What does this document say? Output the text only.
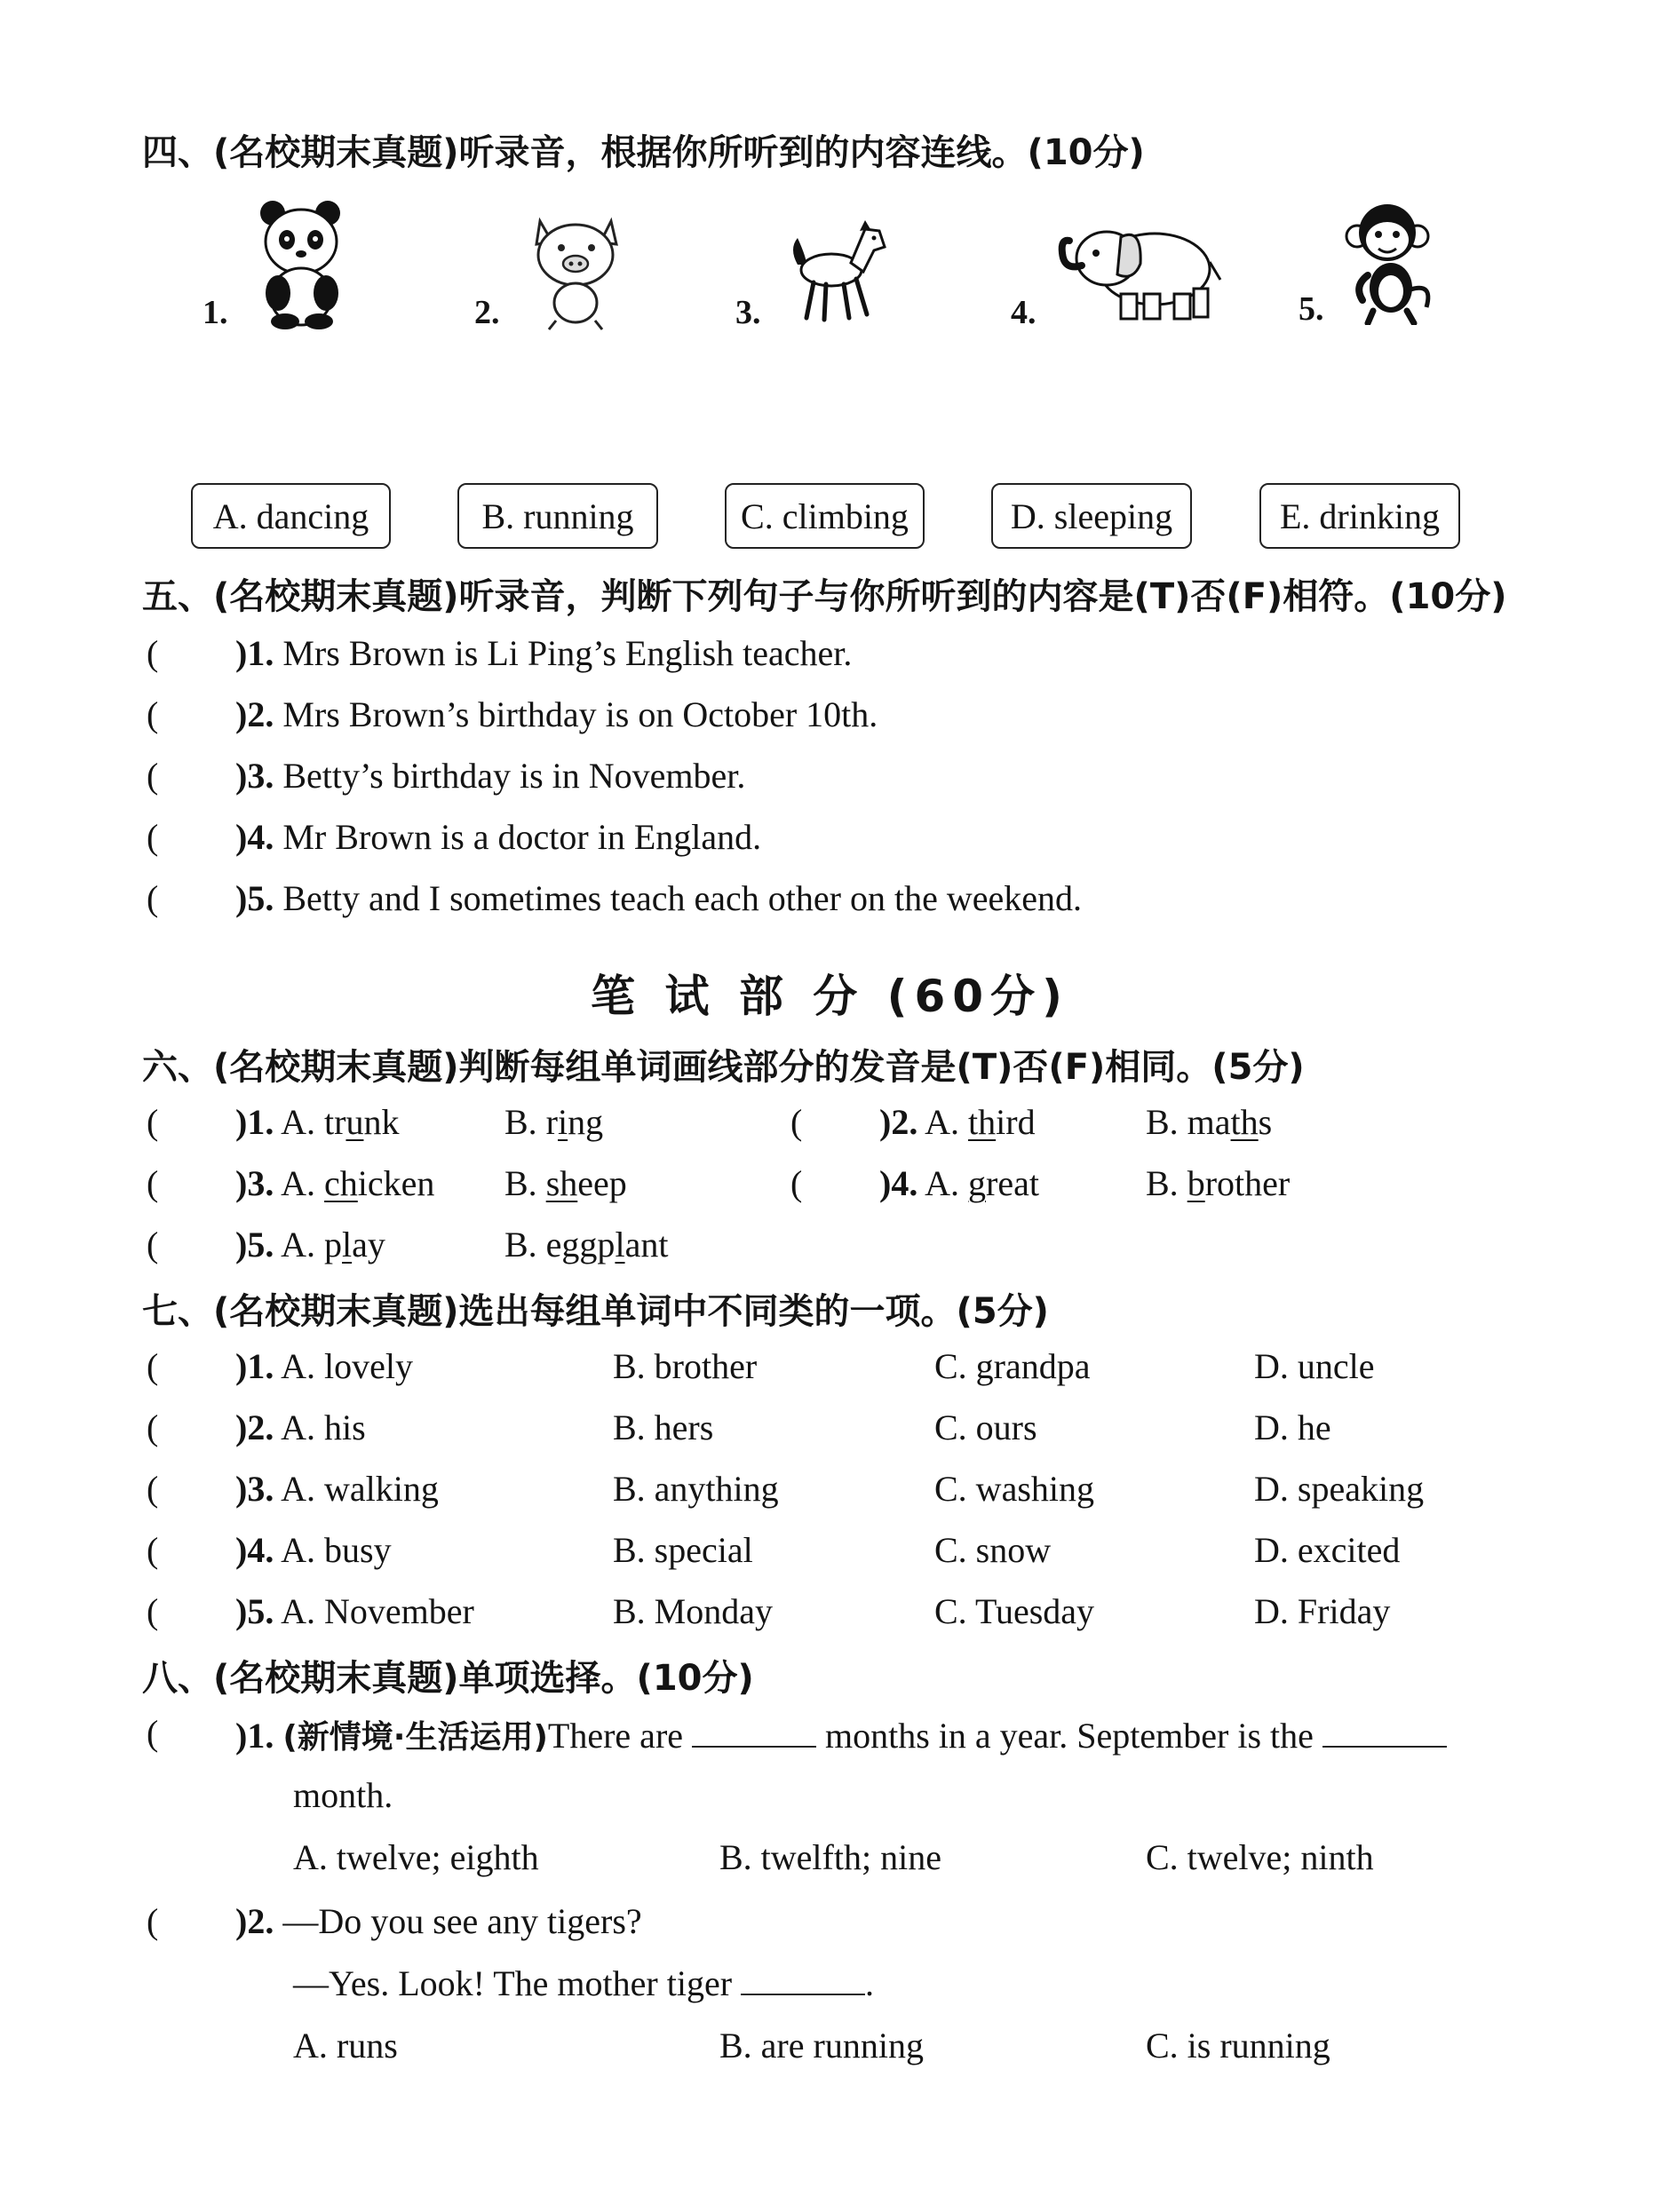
四、(名校期末真题)听录音，根据你所听到的内容连线。(10分)
1.	2.	3.	4.	5.
A. dancing	B. running	C. climbing	D. sleeping	E. drinking
五、(名校期末真题)听录音，判断下列句子与你所听到的内容是(T)否(F)相符。(10分)
( )1. Mrs Brown is Li Ping’s English teacher.
( )2. Mrs Brown’s birthday is on October 10th.
( )3. Betty’s birthday is in November.
( )4. Mr Brown is a doctor in England.
( )5. Betty and I sometimes teach each other on the weekend.
笔 试 部 分 (60分)
六、(名校期末真题)判断每组单词画线部分的发音是(T)否(F)相同。(5分)
( )1. A. trunk	B. ring	( )2. A. third	B. maths
( )3. A. chicken B. sheep	( )4. A. great	B. brother
( )5. A. play	B. eggplant
七、(名校期末真题)选出每组单词中不同类的一项。(5分)
( )1. A. lovely	B. brother	C. grandpa	D. uncle
( )2. A. his	B. hers	C. ours	D. he
( )3. A. walking	B. anything	C. washing	D. speaking
( )4. A. busy	B. special	C. snow	D. excited
( )5. A. November	B. Monday	C. Tuesday	D. Friday
八、(名校期末真题)单项选择。(10分)
( )1. (新情境·生活运用)There are	months in a year. September is the
month.
A. twelve; eighth	B. twelfth; nine	C. twelve; ninth
( )2. —Do you see any tigers?
—Yes. Look! The mother tiger	.
A. runs	B. are running	C. is running
